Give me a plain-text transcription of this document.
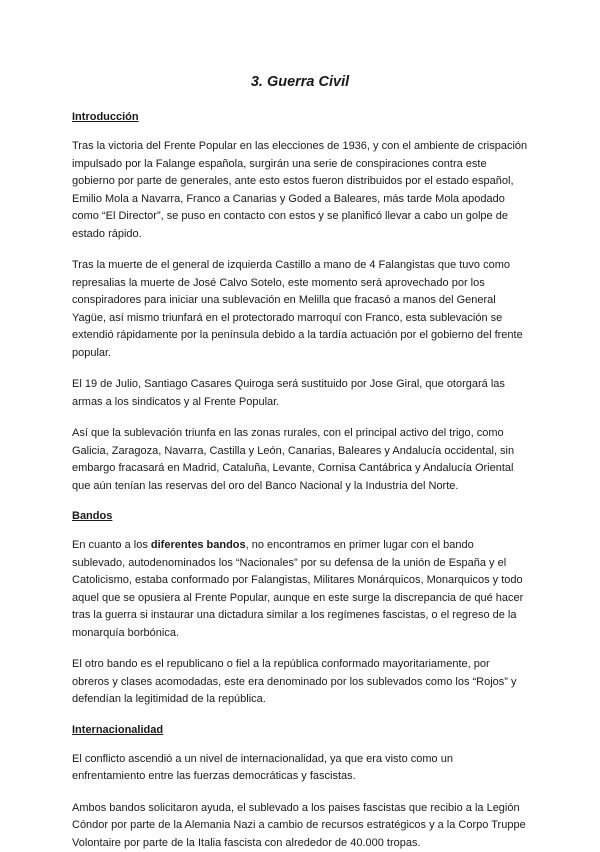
3. Guerra Civil
Introducción

Tras la victoria del Frente Popular en las elecciones de 1936, y con el ambiente de crispación impulsado por la Falange española, surgirán una serie de conspiraciones contra este gobierno por parte de generales, ante esto estos fueron distribuidos por el estado español, Emilio Mola a Navarra, Franco a Canarias y Goded a Baleares, más tarde Mola apodado como “El Director”, se puso en contacto con estos y se planificó llevar a cabo un golpe de estado rápido.

Tras la muerte de el general de izquierda Castillo a mano de 4 Falangistas que tuvo como represalias la muerte de José Calvo Sotelo, este momento será aprovechado por los conspiradores para iniciar una sublevación en Melilla que fracasó a manos del General Yagüe, así mismo triunfará en el protectorado marroquí con Franco, esta sublevación se extendió rápidamente por la península debido a la tardía actuación por el gobierno del frente popular.

El 19 de Julio, Santiago Casares Quiroga será sustituido por Jose Giral, que otorgará las armas a los sindicatos y al Frente Popular.

Así que la sublevación triunfa en las zonas rurales, con el principal activo del trigo, como Galicia, Zaragoza, Navarra, Castilla y León, Canarias, Baleares y Andalucía occidental, sin embargo fracasará en Madrid, Cataluña, Levante, Cornisa Cantábrica y Andalucía Oriental que aún tenían las reservas del oro del Banco Nacional y la Industria del Norte.

Bandos

En cuanto a los diferentes bandos, no encontramos en primer lugar con el bando sublevado, autodenominados los “Nacionales” por su defensa de la unión de España y el Catolicismo, estaba conformado por Falangistas, Militares Monárquicos, Monarquicos y todo aquel que se opusiera al Frente Popular, aunque en este surge la discrepancia de qué hacer tras la guerra si instaurar una dictadura similar a los regímenes fascistas, o el regreso de la monarquía borbónica.

El otro bando es el republicano o fiel a la república conformado mayoritariamente, por obreros y clases acomodadas, este era denominado por los sublevados como los “Rojos” y defendían la legitimidad de la república.

Internacionalidad

El conflicto ascendió a un nivel de internacionalidad, ya que era visto como un enfrentamiento entre las fuerzas democráticas y fascistas.

Ambos bandos solicitaron ayuda, el sublevado a los paises fascistas que recibio a la Legión Cóndor por parte de la Alemania Nazi a cambio de recursos estratégicos y a la Corpo Truppe Volontaire por parte de la Italia fascista con alrededor de 40.000 tropas.
